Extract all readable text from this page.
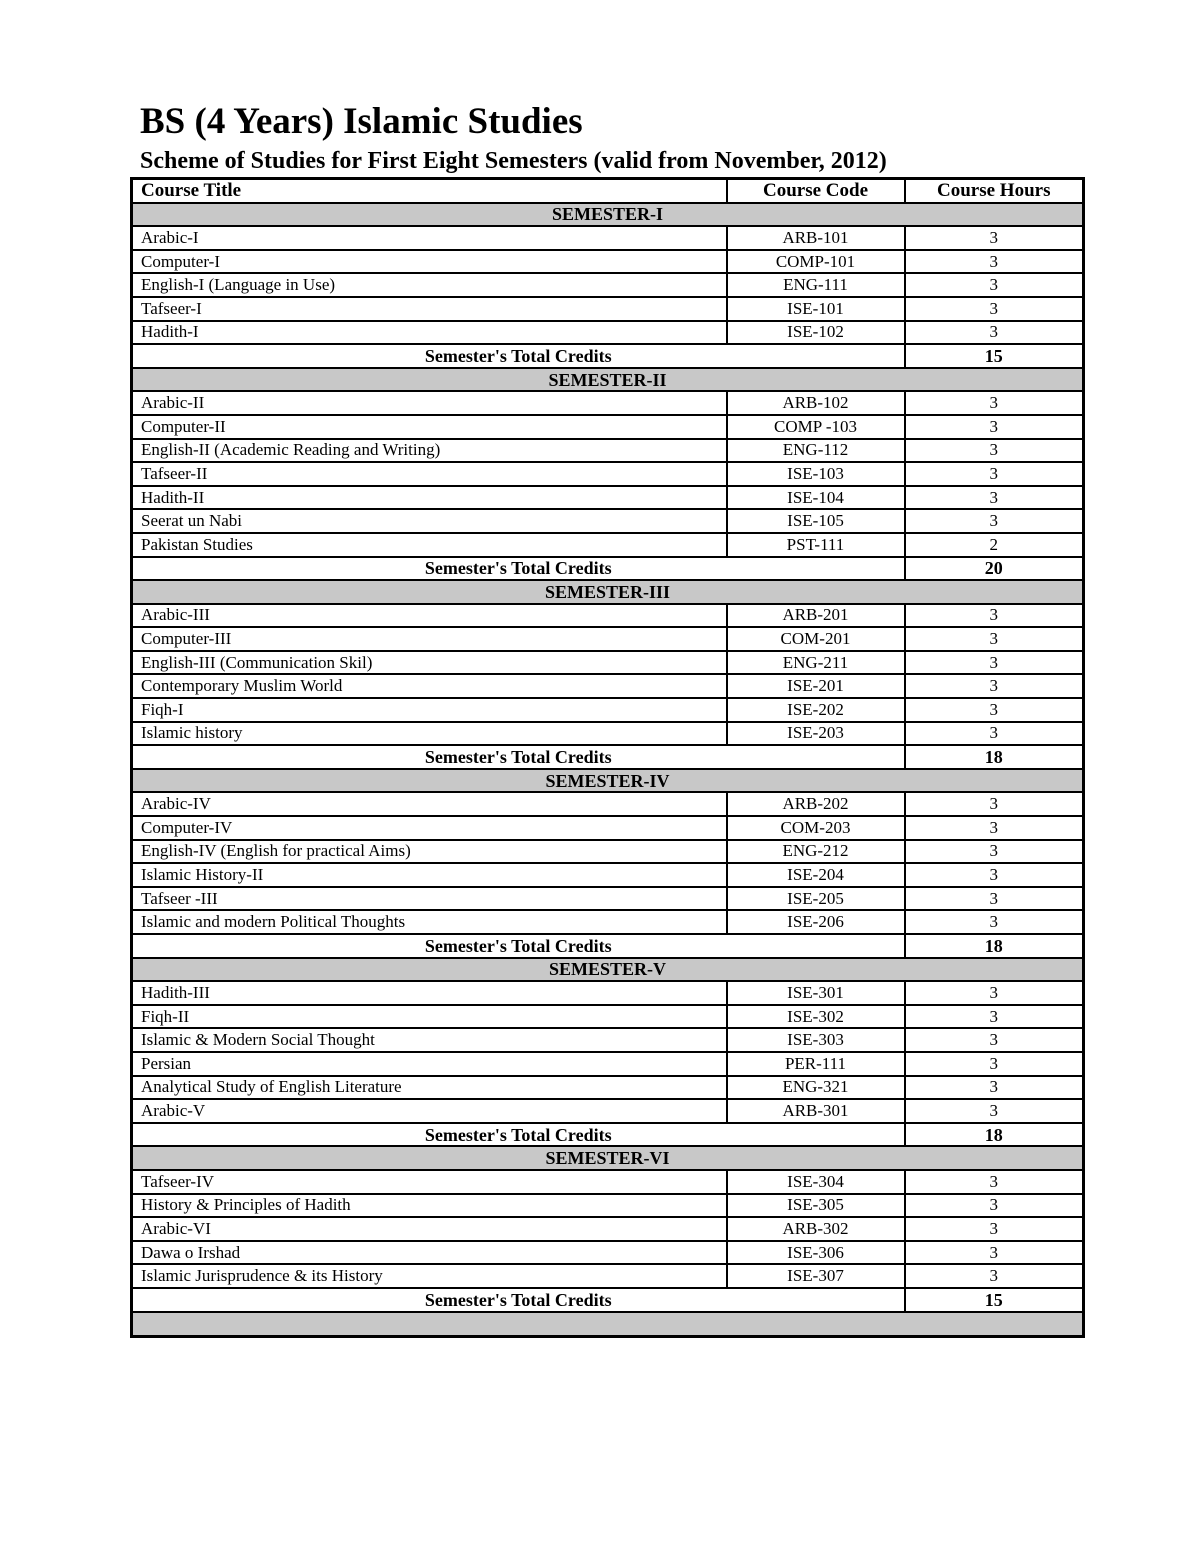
BS (4 Years) Islamic Studies
Scheme of Studies for First Eight Semesters (valid from November, 2012)
Course Title	Course Code	Course Hours
SEMESTER-I		
Arabic-I	ARB-101	3
Computer-I	COMP-101	3
English-I (Language in Use)	ENG-111	3
Tafseer-I	ISE-101	3
Hadith-I	ISE-102	3
Semester's Total Credits		15
SEMESTER-II		
Arabic-II	ARB-102	3
Computer-II	COMP -103	3
English-II (Academic Reading and Writing)	ENG-112	3
Tafseer-II	ISE-103	3
Hadith-II	ISE-104	3
Seerat un Nabi	ISE-105	3
Pakistan Studies	PST-111	2
Semester's Total Credits		20
SEMESTER-III		
Arabic-III	ARB-201	3
Computer-III	COM-201	3
English-III (Communication Skil)	ENG-211	3
Contemporary Muslim World	ISE-201	3
Fiqh-I	ISE-202	3
Islamic history	ISE-203	3
Semester's Total Credits		18
SEMESTER-IV		
Arabic-IV	ARB-202	3
Computer-IV	COM-203	3
English-IV (English for practical Aims)	ENG-212	3
Islamic History-II	ISE-204	3
Tafseer -III	ISE-205	3
Islamic and modern Political Thoughts	ISE-206	3
Semester's Total Credits		18
SEMESTER-V		
Hadith-III	ISE-301	3
Fiqh-II	ISE-302	3
Islamic & Modern Social Thought	ISE-303	3
Persian	PER-111	3
Analytical Study of English Literature	ENG-321	3
Arabic-V	ARB-301	3
Semester's Total Credits		18
SEMESTER-VI		
Tafseer-IV	ISE-304	3
History & Principles of Hadith	ISE-305	3
Arabic-VI	ARB-302	3
Dawa o Irshad	ISE-306	3
Islamic Jurisprudence & its History	ISE-307	3
Semester's Total Credits		15
